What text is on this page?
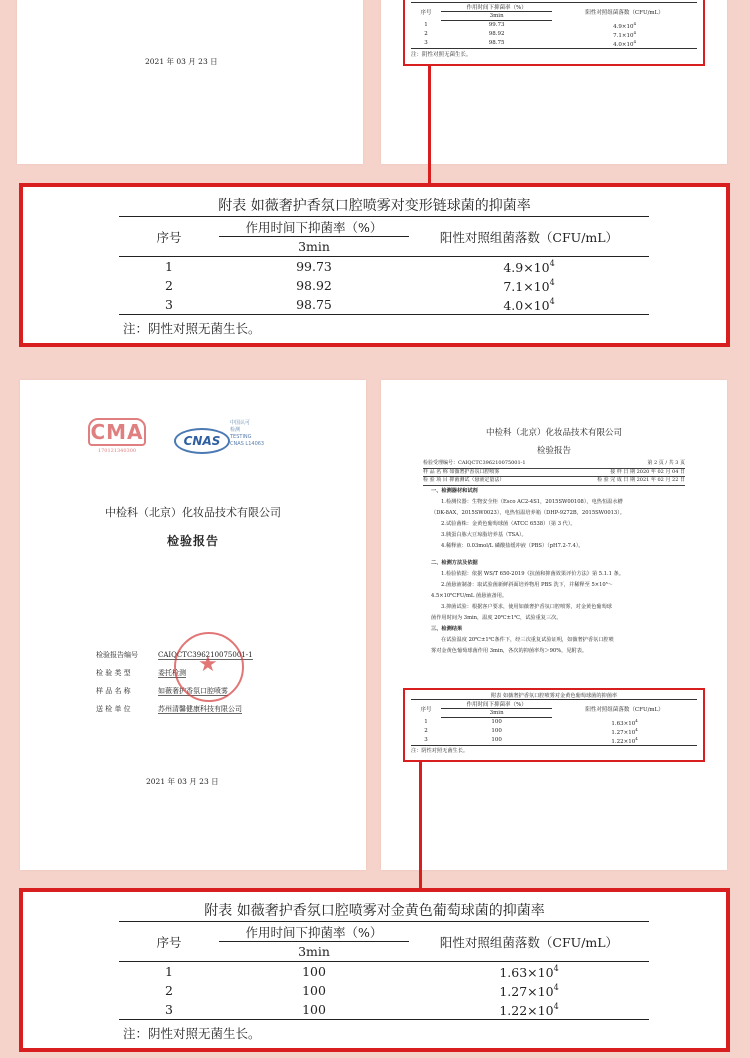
2021 年 03 月 23 日
序号	作用时间下抑菌率（%）	阳性对照组菌落数（CFU/mL）
	3min	
1	99.73	$4.9\times 10^4$
2	98.92	$7.1\times 10^4$
3	98.75	$4.0\times 10^4$
注：阴性对照无菌生长。
附表 如薇奢护香氛口腔喷雾对变形链球菌的抑菌率
序号	作用时间下抑菌率（%）	阳性对照组菌落数（CFU/mL）
	3min	
1	99.73	$4.9\times 10^4$
2	98.92	$7.1\times 10^4$
3	98.75	$4.0\times 10^4$
注：阴性对照无菌生长。
CMA
170121340300
CNAS
中国认可
检测
TESTING
CNAS L14063
中检科（北京）化妆品技术有限公司
检验报告
检验报告编号	CAIQCTC396210075001-1
检 验 类 型	委托检测
样 品 名 称	如薇奢护香氛口腔喷雾
送 检 单 位	苏州清馨健康科技有限公司
★
2021 年 03 月 23 日
中检科（北京）化妆品技术有限公司
检验报告
检验受理编号：CAIQCTC396210075001-1	第 2 页 / 共 3 页
样 品 名 称 如薇奢护香氛口腔喷雾	接 样 日 期 2020 年 02 月 04 日
检 验 项 目 抑菌测试（悬液定量法）	检 验 完 成 日 期 2021 年 02 月 22 日
一、检测器材和试剂
1.检测仪器：生物安全柜（Esco AC2-4S1，2015SW00108），电热恒温水槽
（DK-8AX，2015SW0023），电热恒温培养箱（DHP-9272B，2015SW0013）。
2.试验菌株：金黄色葡萄球菌（ATCC 6538）（第 3 代）。
3.胰蛋白胨大豆琼脂培养基（TSA）。
4.稀释液：0.03mol/L 磷酸盐缓冲液（PBS）（pH7.2-7.4）。
二、检测方法及依据
1.检验依据：依据 WS/T 650-2019《抗菌和抑菌效果评价方法》第 5.1.1 条。
2.菌悬液制备：取试验菌新鲜斜面培养物用 PBS 洗下，并稀释至 5×10⁵～
4.5×10⁶CFU/mL 菌悬液备用。
3.抑菌试验：根据客户要求，使用如薇奢护香氛口腔喷雾，对金黄色葡萄球
菌作用时间为 3min，温度 20℃±1℃，试验重复三次。
三、检测结果
在试验温度 20℃±1℃条件下，经三次重复试验证明，如薇奢护香氛口腔喷
雾对金黄色葡萄球菌作用 3min，各次的抑菌率均＞90%，见附表。
附表 如薇奢护香氛口腔喷雾对金黄色葡萄球菌的抑菌率
序号	作用时间下抑菌率（%）	阳性对照组菌落数（CFU/mL）
	3min	
1	100	$1.63\times 10^4$
2	100	$1.27\times 10^4$
3	100	$1.22\times 10^4$
注：阴性对照无菌生长。
附表 如薇奢护香氛口腔喷雾对金黄色葡萄球菌的抑菌率
序号	作用时间下抑菌率（%）	阳性对照组菌落数（CFU/mL）
	3min	
1	100	$1.63\times 10^4$
2	100	$1.27\times 10^4$
3	100	$1.22\times 10^4$
注：阴性对照无菌生长。
